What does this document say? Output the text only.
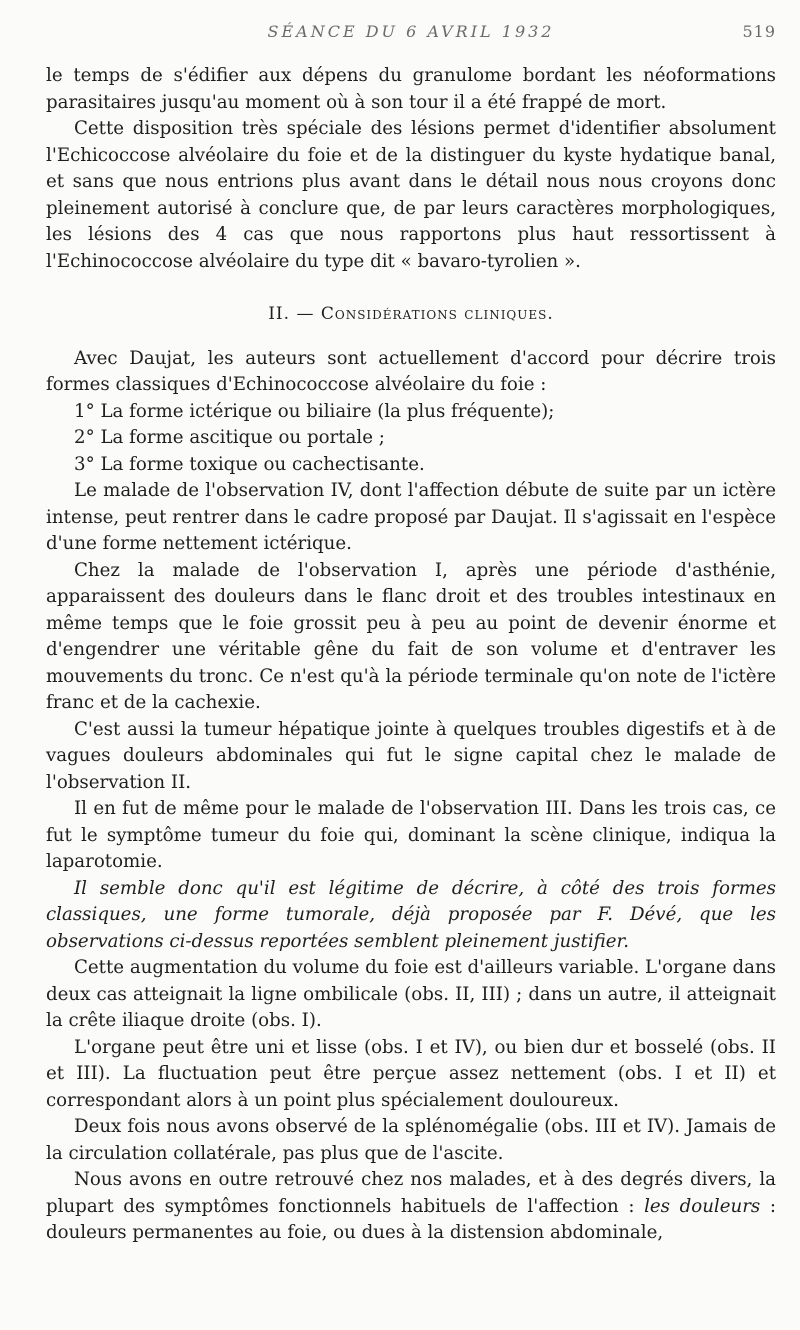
SÉANCE DU 6 AVRIL 1932	519

le temps de s'édifier aux dépens du granulome bordant les néoformations parasitaires jusqu'au moment où à son tour il a été frappé de mort.

Cette disposition très spéciale des lésions permet d'identifier absolument l'Echicoccose alvéolaire du foie et de la distinguer du kyste hydatique banal, et sans que nous entrions plus avant dans le détail nous nous croyons donc pleinement autorisé à conclure que, de par leurs caractères morphologiques, les lésions des 4 cas que nous rapportons plus haut ressortissent à l'Echinococcose alvéolaire du type dit « bavaro-tyrolien ».

II. — Considérations cliniques.

Avec Daujat, les auteurs sont actuellement d'accord pour décrire trois formes classiques d'Echinococcose alvéolaire du foie :

1° La forme ictérique ou biliaire (la plus fréquente);

2° La forme ascitique ou portale ;

3° La forme toxique ou cachectisante.

Le malade de l'observation IV, dont l'affection débute de suite par un ictère intense, peut rentrer dans le cadre proposé par Daujat. Il s'agissait en l'espèce d'une forme nettement ictérique.

Chez la malade de l'observation I, après une période d'asthénie, apparaissent des douleurs dans le flanc droit et des troubles intestinaux en même temps que le foie grossit peu à peu au point de devenir énorme et d'engendrer une véritable gêne du fait de son volume et d'entraver les mouvements du tronc. Ce n'est qu'à la période terminale qu'on note de l'ictère franc et de la cachexie.

C'est aussi la tumeur hépatique jointe à quelques troubles digestifs et à de vagues douleurs abdominales qui fut le signe capital chez le malade de l'observation II.

Il en fut de même pour le malade de l'observation III. Dans les trois cas, ce fut le symptôme tumeur du foie qui, dominant la scène clinique, indiqua la laparotomie.

Il semble donc qu'il est légitime de décrire, à côté des trois formes classiques, une forme tumorale, déjà proposée par F. Dévé, que les observations ci-dessus reportées semblent pleinement justifier.

Cette augmentation du volume du foie est d'ailleurs variable. L'organe dans deux cas atteignait la ligne ombilicale (obs. II, III) ; dans un autre, il atteignait la crête iliaque droite (obs. I).

L'organe peut être uni et lisse (obs. I et IV), ou bien dur et bosselé (obs. II et III). La fluctuation peut être perçue assez nettement (obs. I et II) et correspondant alors à un point plus spécialement douloureux.

Deux fois nous avons observé de la splénomégalie (obs. III et IV). Jamais de la circulation collatérale, pas plus que de l'ascite.

Nous avons en outre retrouvé chez nos malades, et à des degrés divers, la plupart des symptômes fonctionnels habituels de l'affection : les douleurs : douleurs permanentes au foie, ou dues à la distension abdominale,
